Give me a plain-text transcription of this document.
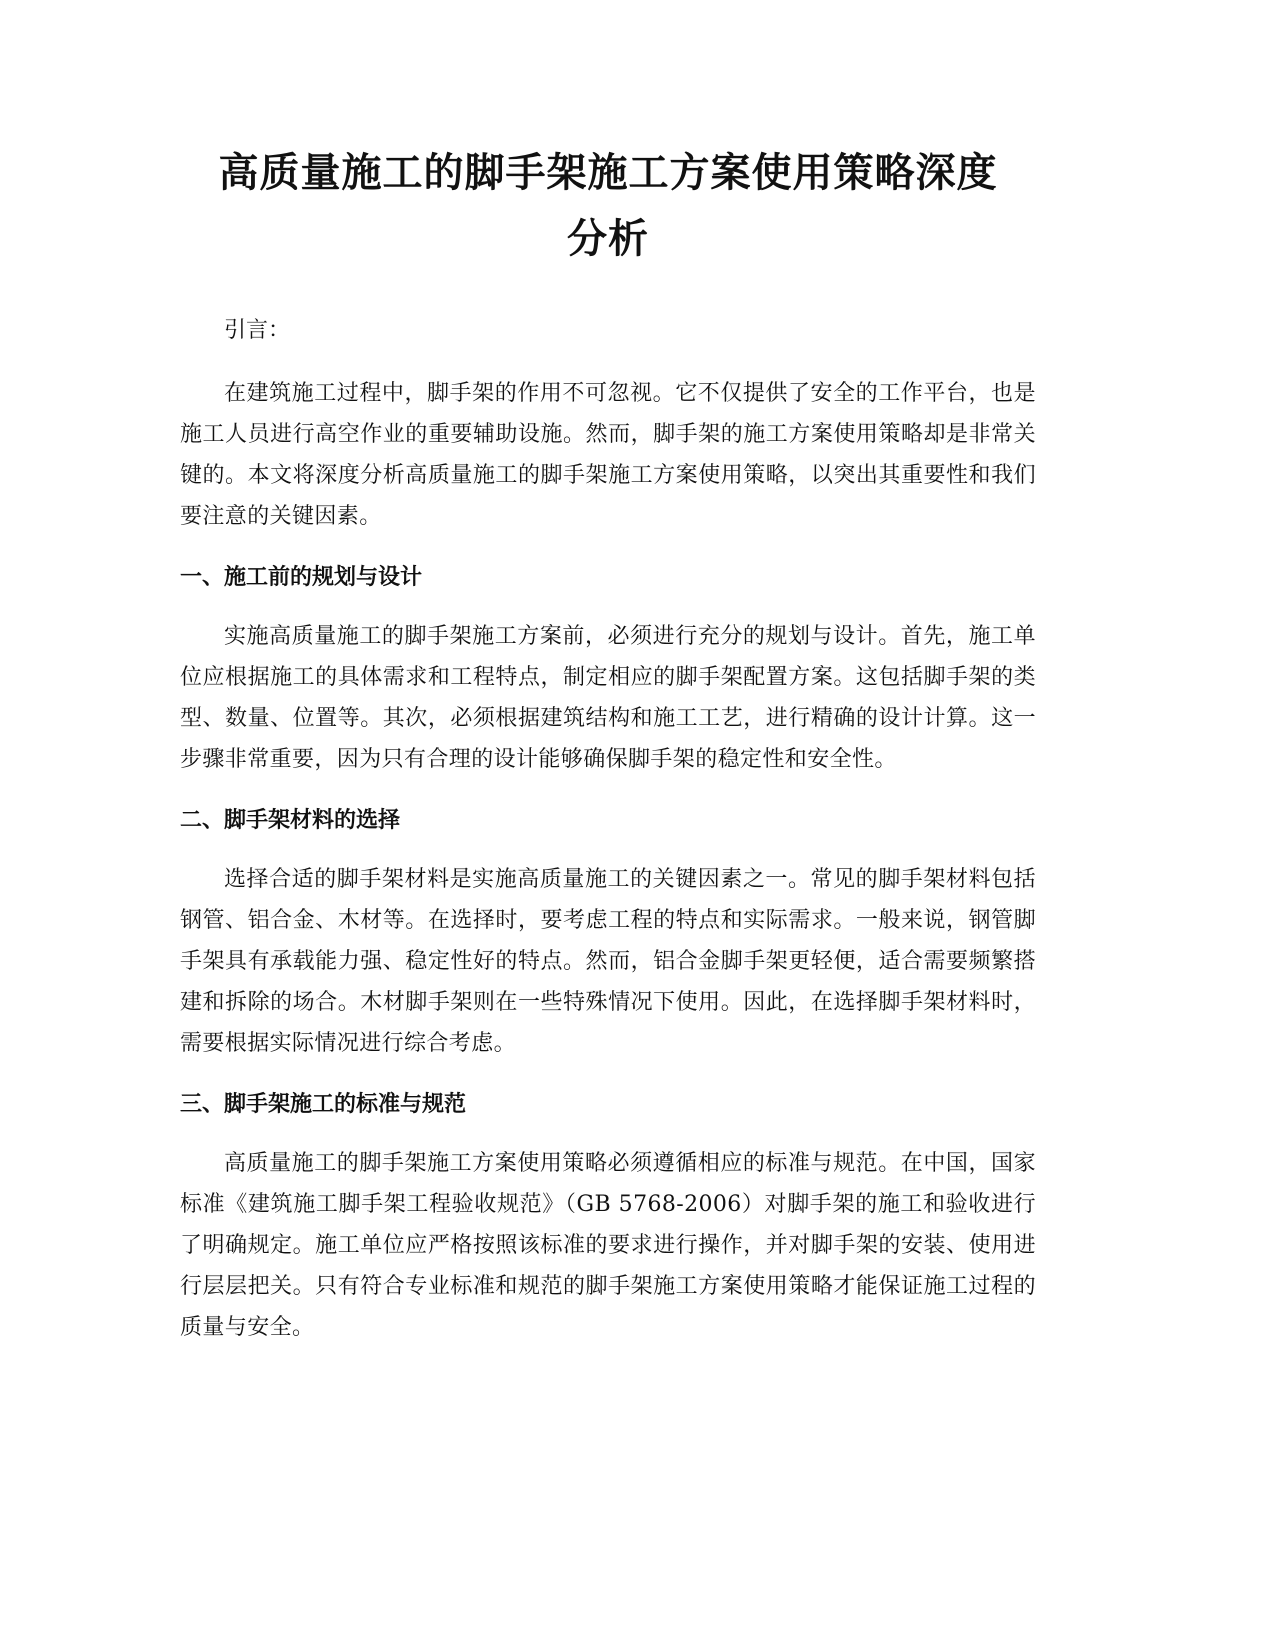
高质量施工的脚手架施工方案使用策略深度
分析

引言：

在建筑施工过程中，脚手架的作用不可忽视。它不仅提供了安全的工作平台，也是施工人员进行高空作业的重要辅助设施。然而，脚手架的施工方案使用策略却是非常关键的。本文将深度分析高质量施工的脚手架施工方案使用策略，以突出其重要性和我们要注意的关键因素。

一、施工前的规划与设计

实施高质量施工的脚手架施工方案前，必须进行充分的规划与设计。首先，施工单位应根据施工的具体需求和工程特点，制定相应的脚手架配置方案。这包括脚手架的类型、数量、位置等。其次，必须根据建筑结构和施工工艺，进行精确的设计计算。这一步骤非常重要，因为只有合理的设计能够确保脚手架的稳定性和安全性。

二、脚手架材料的选择

选择合适的脚手架材料是实施高质量施工的关键因素之一。常见的脚手架材料包括钢管、铝合金、木材等。在选择时，要考虑工程的特点和实际需求。一般来说，钢管脚手架具有承载能力强、稳定性好的特点。然而，铝合金脚手架更轻便，适合需要频繁搭建和拆除的场合。木材脚手架则在一些特殊情况下使用。因此，在选择脚手架材料时，需要根据实际情况进行综合考虑。

三、脚手架施工的标准与规范

高质量施工的脚手架施工方案使用策略必须遵循相应的标准与规范。在中国，国家标准《建筑施工脚手架工程验收规范》（GB 5768-2006）对脚手架的施工和验收进行了明确规定。施工单位应严格按照该标准的要求进行操作，并对脚手架的安装、使用进行层层把关。只有符合专业标准和规范的脚手架施工方案使用策略才能保证施工过程的质量与安全。
